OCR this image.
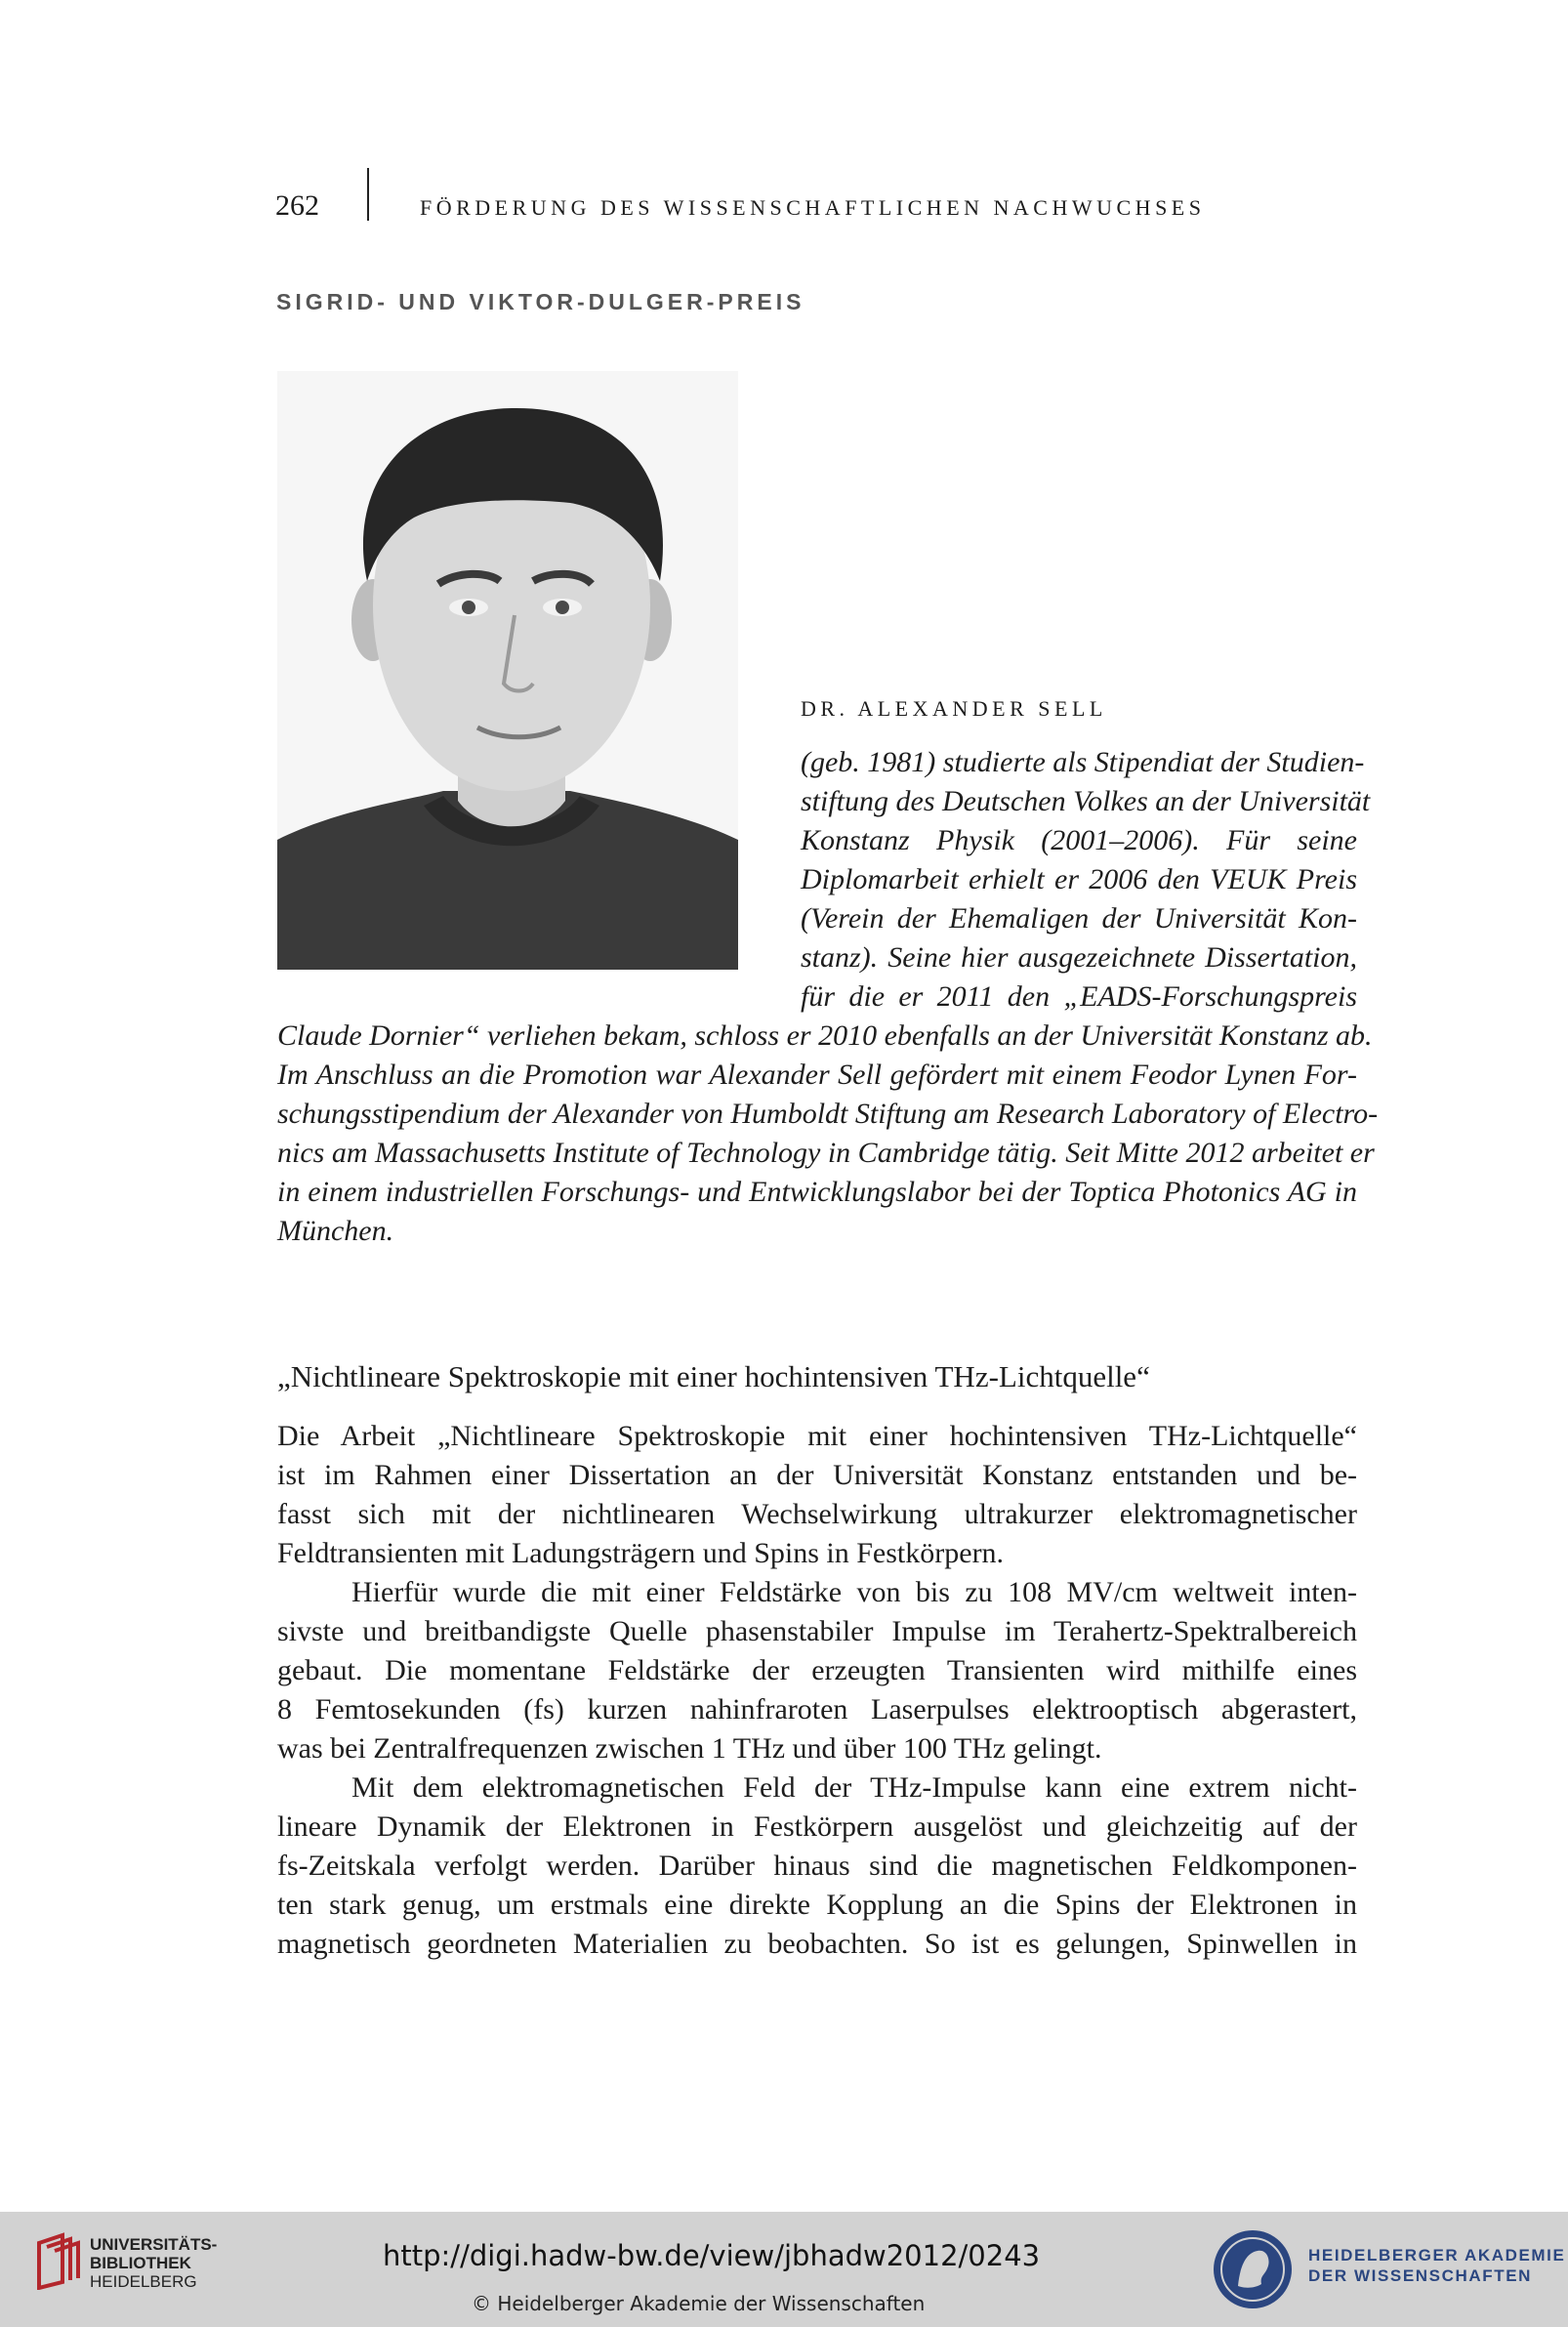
262	FÖRDERUNG DES WISSENSCHAFTLICHEN NACHWUCHSES
SIGRID- UND VIKTOR-DULGER-PREIS
DR. ALEXANDER SELL
(geb. 1981) studierte als Stipendiat der Studien-
stiftung des Deutschen Volkes an der Universität
Konstanz Physik (2001–2006). Für seine
Diplomarbeit erhielt er 2006 den VEUK Preis
(Verein der Ehemaligen der Universität Kon-
stanz). Seine hier ausgezeichnete Dissertation,
für die er 2011 den „EADS-Forschungspreis
Claude Dornier“ verliehen bekam, schloss er 2010 ebenfalls an der Universität Konstanz ab.
Im Anschluss an die Promotion war Alexander Sell gefördert mit einem Feodor Lynen For-
schungsstipendium der Alexander von Humboldt Stiftung am Research Laboratory of Electro-
nics am Massachusetts Institute of Technology in Cambridge tätig. Seit Mitte 2012 arbeitet er
in einem industriellen Forschungs- und Entwicklungslabor bei der Toptica Photonics AG in
München.
„Nichtlineare Spektroskopie mit einer hochintensiven THz-Lichtquelle“
Die Arbeit „Nichtlineare Spektroskopie mit einer hochintensiven THz-Lichtquelle“
ist im Rahmen einer Dissertation an der Universität Konstanz entstanden und be-
fasst sich mit der nichtlinearen Wechselwirkung ultrakurzer elektromagnetischer
Feldtransienten mit Ladungsträgern und Spins in Festkörpern.
Hierfür wurde die mit einer Feldstärke von bis zu 108 MV/cm weltweit inten-
sivste und breitbandigste Quelle phasenstabiler Impulse im Terahertz-Spektralbereich
gebaut. Die momentane Feldstärke der erzeugten Transienten wird mithilfe eines
8 Femtosekunden (fs) kurzen nahinfraroten Laserpulses elektrooptisch abgerastert,
was bei Zentralfrequenzen zwischen 1 THz und über 100 THz gelingt.
Mit dem elektromagnetischen Feld der THz-Impulse kann eine extrem nicht-
lineare Dynamik der Elektronen in Festkörpern ausgelöst und gleichzeitig auf der
fs-Zeitskala verfolgt werden. Darüber hinaus sind die magnetischen Feldkomponen-
ten stark genug, um erstmals eine direkte Kopplung an die Spins der Elektronen in
magnetisch geordneten Materialien zu beobachten. So ist es gelungen, Spinwellen in
UNIVERSITÄTS-
BIBLIOTHEK
HEIDELBERG
http://digi.hadw-bw.de/view/jbhadw2012/0243
© Heidelberger Akademie der Wissenschaften
HEIDELBERGER AKADEMIE
DER WISSENSCHAFTEN
